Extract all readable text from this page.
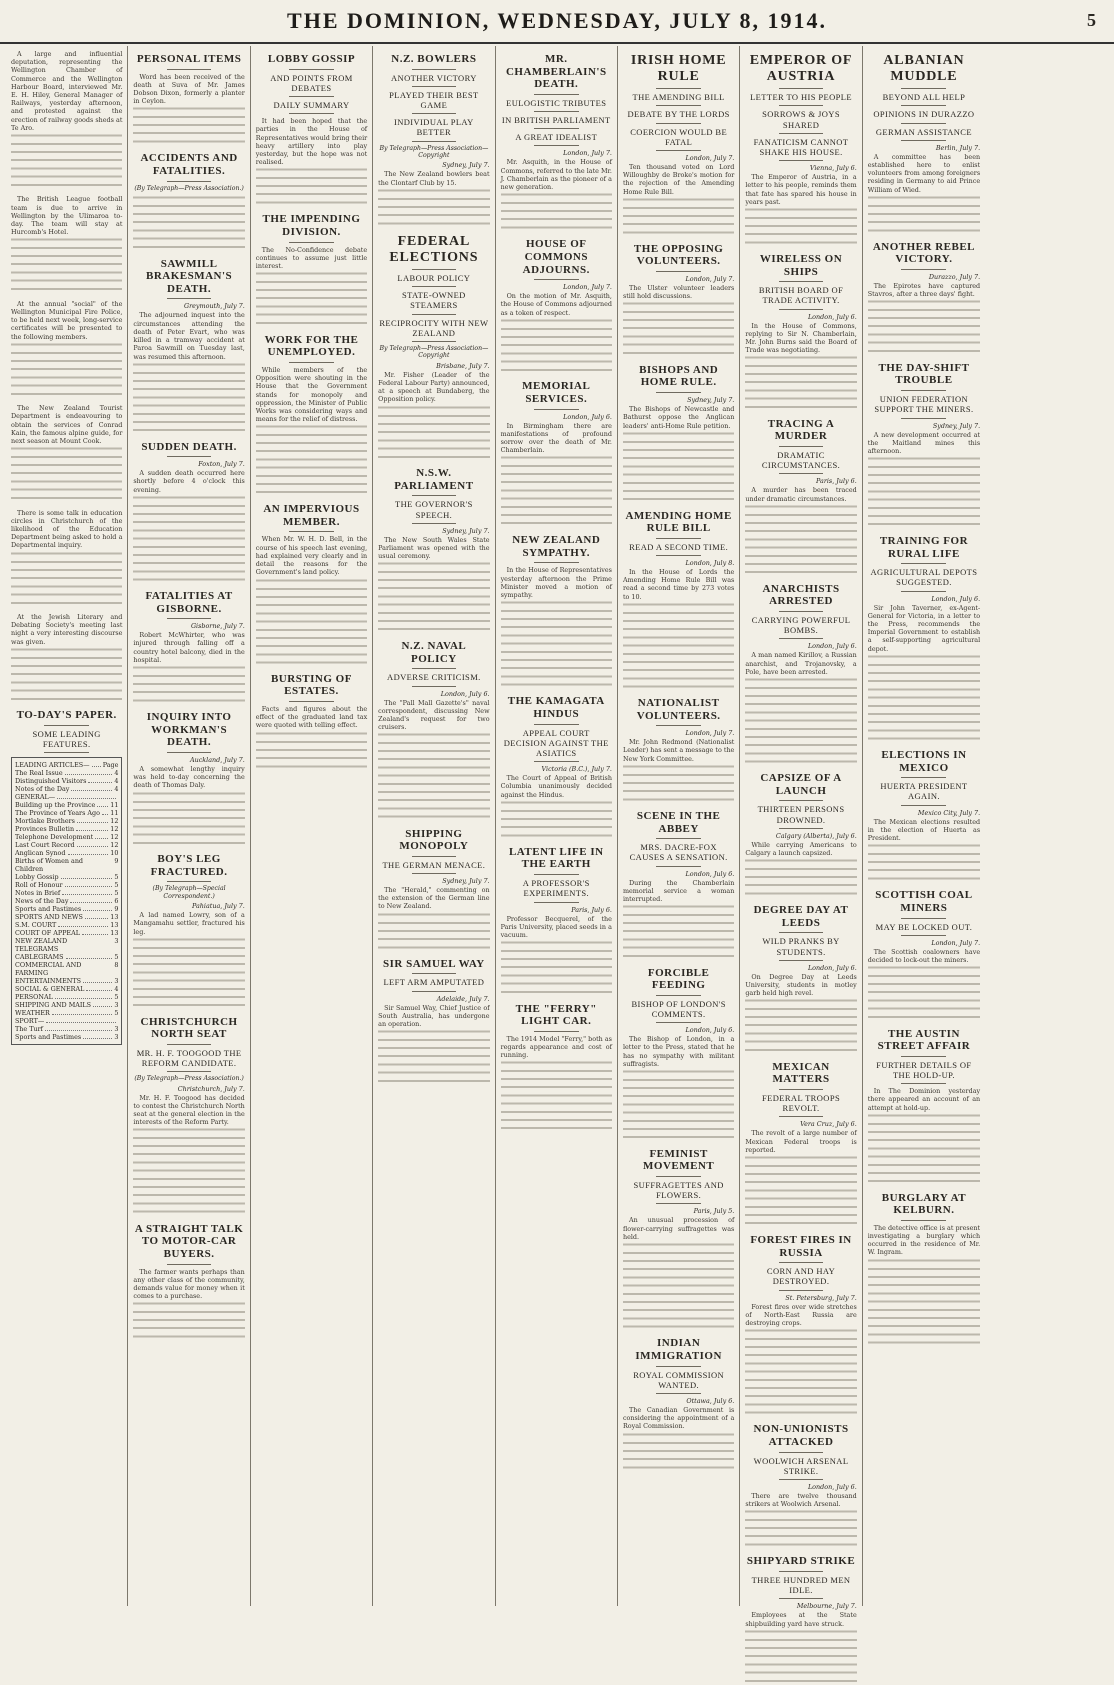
THE DOMINION, WEDNESDAY, JULY 8, 1914.	5

A large and influential deputation, representing the Wellington Chamber of Commerce and the Wellington Harbour Board, interviewed Mr. E. H. Hiley, General Manager of Railways, yesterday afternoon, and protested against the erection of railway goods sheds at Te Aro.

The British League football team is due to arrive in Wellington by the Ulimaroa to-day. The team will stay at Hurcomb's Hotel.

At the annual "social" of the Wellington Municipal Fire Police, to be held next week, long-service certificates will be presented to the following members.

The New Zealand Tourist Department is endeavouring to obtain the services of Conrad Kain, the famous alpine guide, for next season at Mount Cook.

There is some talk in education circles in Christchurch of the likelihood of the Education Department being asked to hold a Departmental inquiry.

At the Jewish Literary and Debating Society's meeting last night a very interesting discourse was given.

TO-DAY'S PAPER.
SOME LEADING FEATURES.
LEADING ARTICLES— Page
The Real Issue	4
Distinguished Visitors	4
Notes of the Day	4
GENERAL—
Building up the Province 11
The Province of Years Ago 11
Mortlake Brothers	12
Provinces Bulletin	12
Telephone Development	12
Last Court Record	12
Anglican Synod	10
Births of Women and Children
9
Lobby Gossip	5
Roll of Honour	5
Notes in Brief	5
News of the Day	6
Sports and Pastimes	9
SPORTS AND NEWS	13
S.M. COURT	13
COURT OF APPEAL	13
NEW ZEALAND TELEGRAMS
3
CABLEGRAMS	5
COMMERCIAL AND FARMING
8
ENTERTAINMENTS	3
SOCIAL & GENERAL	4
PERSONAL	5
SHIPPING AND MAILS	3
WEATHER	5
SPORT—
The Turf	3
Sports and Pastimes	3
PERSONAL ITEMS

Word has been received of the death at Suva of Mr. James Dobson Dixon, formerly a planter in Ceylon.

ACCIDENTS AND FATALITIES.
(By Telegraph—Press Association.)
SAWMILL BRAKESMAN'S DEATH.
Greymouth, July 7.

The adjourned inquest into the circumstances attending the death of Peter Evart, who was killed in a tramway accident at Paroa Sawmill on Tuesday last, was resumed this afternoon.

SUDDEN DEATH.
Foxton, July 7.

A sudden death occurred here shortly before 4 o'clock this evening.

FATALITIES AT GISBORNE.
Gisborne, July 7.

Robert McWhirter, who was injured through falling off a country hotel balcony, died in the hospital.

INQUIRY INTO WORKMAN'S DEATH.
Auckland, July 7.

A somewhat lengthy inquiry was held to-day concerning the death of Thomas Daly.

BOY'S LEG FRACTURED.
(By Telegraph—Special Correspondent.)
Pahiatua, July 7.

A lad named Lowry, son of a Mangamahu settler, fractured his leg.

CHRISTCHURCH NORTH SEAT
MR. H. F. TOOGOOD THE REFORM CANDIDATE.
(By Telegraph—Press Association.)
Christchurch, July 7.

Mr. H. F. Toogood has decided to contest the Christchurch North seat at the general election in the interests of the Reform Party.

A STRAIGHT TALK TO MOTOR-CAR BUYERS.

The farmer wants perhaps than any other class of the community, demands value for money when it comes to a purchase.

LOBBY GOSSIP
AND POINTS FROM DEBATES
DAILY SUMMARY

It had been hoped that the parties in the House of Representatives would bring their heavy artillery into play yesterday, but the hope was not realised.

THE IMPENDING DIVISION.

The No-Confidence debate continues to assume just little interest.

WORK FOR THE UNEMPLOYED.

While members of the Opposition were shouting in the House that the Government stands for monopoly and oppression, the Minister of Public Works was considering ways and means for the relief of distress.

AN IMPERVIOUS MEMBER.

When Mr. W. H. D. Bell, in the course of his speech last evening, had explained very clearly and in detail the reasons for the Government's land policy.

BURSTING OF ESTATES.

Facts and figures about the effect of the graduated land tax were quoted with telling effect.

N.Z. BOWLERS
ANOTHER VICTORY
PLAYED THEIR BEST GAME
INDIVIDUAL PLAY BETTER
By Telegraph—Press Association—Copyright
Sydney, July 7.

The New Zealand bowlers beat the Clontarf Club by 15.

FEDERAL ELECTIONS
LABOUR POLICY
STATE-OWNED STEAMERS
RECIPROCITY WITH NEW ZEALAND
By Telegraph—Press Association—Copyright
Brisbane, July 7.

Mr. Fisher (Leader of the Federal Labour Party) announced, at a speech at Bundaberg, the Opposition policy.

N.S.W. PARLIAMENT
THE GOVERNOR'S SPEECH.
Sydney, July 7.

The New South Wales State Parliament was opened with the usual ceremony.

N.Z. NAVAL POLICY
ADVERSE CRITICISM.
London, July 6.

The "Pall Mall Gazette's" naval correspondent, discussing New Zealand's request for two cruisers.

SHIPPING MONOPOLY
THE GERMAN MENACE.
Sydney, July 7.

The "Herald," commenting on the extension of the German line to New Zealand.

SIR SAMUEL WAY
LEFT ARM AMPUTATED
Adelaide, July 7.

Sir Samuel Way, Chief Justice of South Australia, has undergone an operation.

MR. CHAMBERLAIN'S DEATH.
EULOGISTIC TRIBUTES
IN BRITISH PARLIAMENT
A GREAT IDEALIST
London, July 7.

Mr. Asquith, in the House of Commons, referred to the late Mr. J. Chamberlain as the pioneer of a new generation.

HOUSE OF COMMONS ADJOURNS.
London, July 7.

On the motion of Mr. Asquith, the House of Commons adjourned as a token of respect.

MEMORIAL SERVICES.
London, July 6.

In Birmingham there are manifestations of profound sorrow over the death of Mr. Chamberlain.

NEW ZEALAND SYMPATHY.

In the House of Representatives yesterday afternoon the Prime Minister moved a motion of sympathy.

THE KAMAGATA HINDUS
APPEAL COURT DECISION AGAINST THE ASIATICS
Victoria (B.C.), July 7.

The Court of Appeal of British Columbia unanimously decided against the Hindus.

LATENT LIFE IN THE EARTH
A PROFESSOR'S EXPERIMENTS.
Paris, July 6.

Professor Becquerel, of the Paris University, placed seeds in a vacuum.

THE "FERRY" LIGHT CAR.

The 1914 Model "Ferry," both as regards appearance and cost of running.

IRISH HOME RULE
THE AMENDING BILL
DEBATE BY THE LORDS
COERCION WOULD BE FATAL
London, July 7.

Ten thousand voted on Lord Willoughby de Broke's motion for the rejection of the Amending Home Rule Bill.

THE OPPOSING VOLUNTEERS.
London, July 7.

The Ulster volunteer leaders still hold discussions.

BISHOPS AND HOME RULE.
Sydney, July 7.

The Bishops of Newcastle and Bathurst oppose the Anglican leaders' anti-Home Rule petition.

AMENDING HOME RULE BILL
READ A SECOND TIME.
London, July 8.

In the House of Lords the Amending Home Rule Bill was read a second time by 273 votes to 10.

NATIONALIST VOLUNTEERS.
London, July 7.

Mr. John Redmond (Nationalist Leader) has sent a message to the New York Committee.

SCENE IN THE ABBEY
MRS. DACRE-FOX CAUSES A SENSATION.
London, July 6.

During the Chamberlain memorial service a woman interrupted.

FORCIBLE FEEDING
BISHOP OF LONDON'S COMMENTS.
London, July 6.

The Bishop of London, in a letter to the Press, stated that he has no sympathy with militant suffragists.

FEMINIST MOVEMENT
SUFFRAGETTES AND FLOWERS.
Paris, July 5.

An unusual procession of flower-carrying suffragettes was held.

INDIAN IMMIGRATION
ROYAL COMMISSION WANTED.
Ottawa, July 6.

The Canadian Government is considering the appointment of a Royal Commission.

EMPEROR OF AUSTRIA
LETTER TO HIS PEOPLE
SORROWS & JOYS SHARED
FANATICISM CANNOT SHAKE HIS HOUSE.
Vienna, July 6.

The Emperor of Austria, in a letter to his people, reminds them that fate has spared his house in years past.

WIRELESS ON SHIPS
BRITISH BOARD OF TRADE ACTIVITY.
London, July 6.

In the House of Commons, replying to Sir N. Chamberlain, Mr. John Burns said the Board of Trade was negotiating.

TRACING A MURDER
DRAMATIC CIRCUMSTANCES.
Paris, July 6.

A murder has been traced under dramatic circumstances.

ANARCHISTS ARRESTED
CARRYING POWERFUL BOMBS.
London, July 6.

A man named Kirillov, a Russian anarchist, and Trojanovsky, a Pole, have been arrested.

CAPSIZE OF A LAUNCH
THIRTEEN PERSONS DROWNED.
Calgary (Alberta), July 6.

While carrying Americans to Calgary a launch capsized.

DEGREE DAY AT LEEDS
WILD PRANKS BY STUDENTS.
London, July 6.

On Degree Day at Leeds University, students in motley garb held high revel.

MEXICAN MATTERS
FEDERAL TROOPS REVOLT.
Vera Cruz, July 6.

The revolt of a large number of Mexican Federal troops is reported.

FOREST FIRES IN RUSSIA
CORN AND HAY DESTROYED.
St. Petersburg, July 7.

Forest fires over wide stretches of North-East Russia are destroying crops.

NON-UNIONISTS ATTACKED
WOOLWICH ARSENAL STRIKE.
London, July 6.

There are twelve thousand strikers at Woolwich Arsenal.

SHIPYARD STRIKE
THREE HUNDRED MEN IDLE.
Melbourne, July 7.

Employees at the State shipbuilding yard have struck.

ALBANIAN MUDDLE
BEYOND ALL HELP
OPINIONS IN DURAZZO
GERMAN ASSISTANCE
Berlin, July 7.

A committee has been established here to enlist volunteers from among foreigners residing in Germany to aid Prince William of Wied.

ANOTHER REBEL VICTORY.
Durazzo, July 7.

The Epirotes have captured Stavros, after a three days' fight.

THE DAY-SHIFT TROUBLE
UNION FEDERATION SUPPORT THE MINERS.
Sydney, July 7.

A new development occurred at the Maitland mines this afternoon.

TRAINING FOR RURAL LIFE
AGRICULTURAL DEPOTS SUGGESTED.
London, July 6.

Sir John Taverner, ex-Agent-General for Victoria, in a letter to the Press, recommends the Imperial Government to establish a self-supporting agricultural depot.

ELECTIONS IN MEXICO
HUERTA PRESIDENT AGAIN.
Mexico City, July 7.

The Mexican elections resulted in the election of Huerta as President.

SCOTTISH COAL MINERS
MAY BE LOCKED OUT.
London, July 7.

The Scottish coalowners have decided to lock-out the miners.

THE AUSTIN STREET AFFAIR
FURTHER DETAILS OF THE HOLD-UP.

In The Dominion yesterday there appeared an account of an attempt at hold-up.

BURGLARY AT KELBURN.

The detective office is at present investigating a burglary which occurred in the residence of Mr. W. Ingram.
